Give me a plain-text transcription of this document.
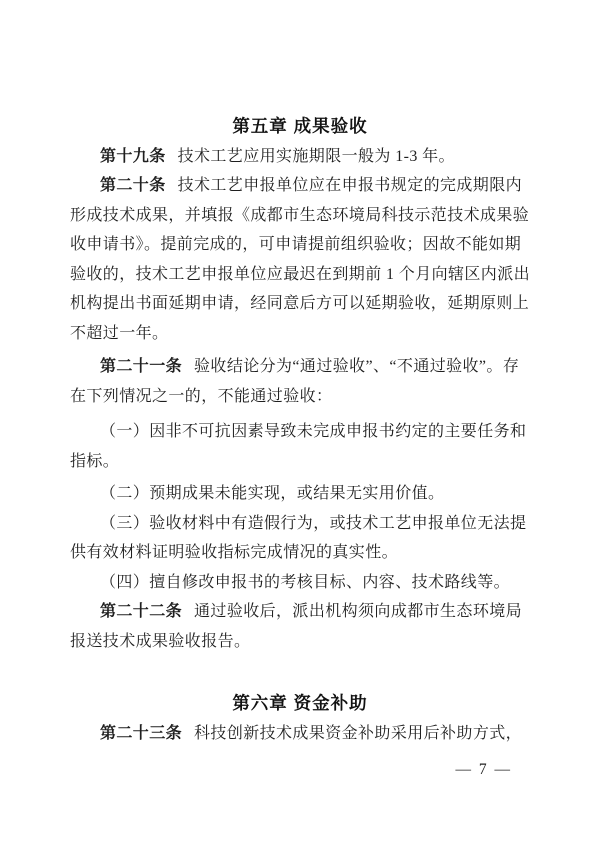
第五章 成果验收
第十九条 技术工艺应用实施期限一般为 1-3 年。
第二十条 技术工艺申报单位应在申报书规定的完成期限内
形成技术成果，并填报《成都市生态环境局科技示范技术成果验
收申请书》。提前完成的，可申请提前组织验收；因故不能如期
验收的，技术工艺申报单位应最迟在到期前 1 个月向辖区内派出
机构提出书面延期申请，经同意后方可以延期验收，延期原则上
不超过一年。
第二十一条 验收结论分为“通过验收”、“不通过验收”。存
在下列情况之一的，不能通过验收：
（一）因非不可抗因素导致未完成申报书约定的主要任务和
指标。
（二）预期成果未能实现，或结果无实用价值。
（三）验收材料中有造假行为，或技术工艺申报单位无法提
供有效材料证明验收指标完成情况的真实性。
（四）擅自修改申报书的考核目标、内容、技术路线等。
第二十二条 通过验收后，派出机构须向成都市生态环境局
报送技术成果验收报告。
第六章 资金补助
第二十三条 科技创新技术成果资金补助采用后补助方式，
— 7 —
